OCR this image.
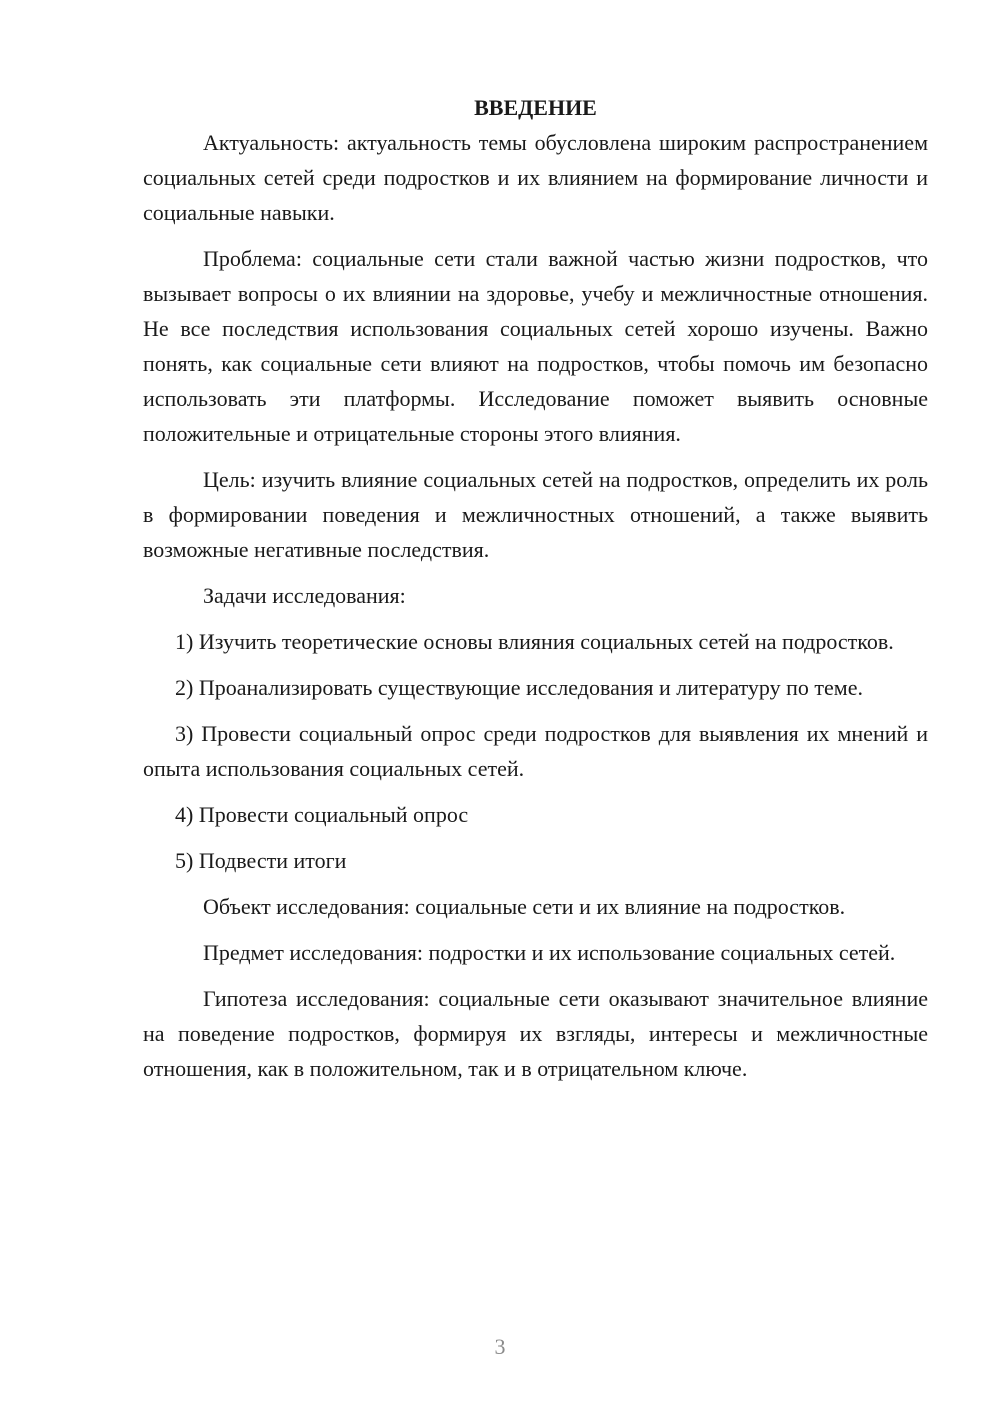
ВВЕДЕНИЕ

Актуальность: актуальность темы обусловлена широким распространением социальных сетей среди подростков и их влиянием на формирование личности и социальные навыки.

Проблема: социальные сети стали важной частью жизни подростков, что вызывает вопросы о их влиянии на здоровье, учебу и межличностные отношения. Не все последствия использования социальных сетей хорошо изучены. Важно понять, как социальные сети влияют на подростков, чтобы помочь им безопасно использовать эти платформы. Исследование поможет выявить основные положительные и отрицательные стороны этого влияния.

Цель: изучить влияние социальных сетей на подростков, определить их роль в формировании поведения и межличностных отношений, а также выявить возможные негативные последствия.

Задачи исследования:

1) Изучить теоретические основы влияния социальных сетей на подростков.

2) Проанализировать существующие исследования и литературу по теме.

3) Провести социальный опрос среди подростков для выявления их мнений и опыта использования социальных сетей.

4) Провести социальный опрос

5) Подвести итоги

Объект исследования: социальные сети и их влияние на подростков.

Предмет исследования: подростки и их использование социальных сетей.

Гипотеза исследования: социальные сети оказывают значительное влияние на поведение подростков, формируя их взгляды, интересы и межличностные отношения, как в положительном, так и в отрицательном ключе.

3
